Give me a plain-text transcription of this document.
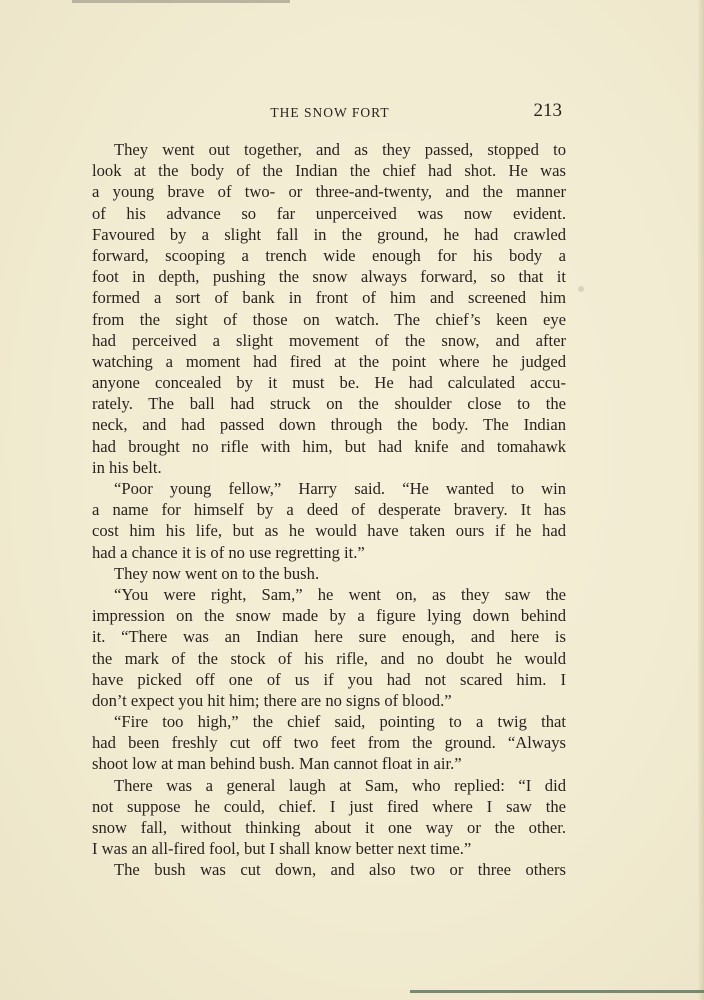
THE SNOW FORT	213
They went out together, and as they passed, stopped to
look at the body of the Indian the chief had shot. He was
a young brave of two- or three-and-twenty, and the manner
of his advance so far unperceived was now evident.
Favoured by a slight fall in the ground, he had crawled
forward, scooping a trench wide enough for his body a
foot in depth, pushing the snow always forward, so that it
formed a sort of bank in front of him and screened him
from the sight of those on watch. The chief’s keen eye
had perceived a slight movement of the snow, and after
watching a moment had fired at the point where he judged
anyone concealed by it must be. He had calculated accu-
rately. The ball had struck on the shoulder close to the
neck, and had passed down through the body. The Indian
had brought no rifle with him, but had knife and tomahawk
in his belt.
“Poor young fellow,” Harry said. “He wanted to win
a name for himself by a deed of desperate bravery. It has
cost him his life, but as he would have taken ours if he had
had a chance it is of no use regretting it.”
They now went on to the bush.
“You were right, Sam,” he went on, as they saw the
impression on the snow made by a figure lying down behind
it. “There was an Indian here sure enough, and here is
the mark of the stock of his rifle, and no doubt he would
have picked off one of us if you had not scared him. I
don’t expect you hit him; there are no signs of blood.”
“Fire too high,” the chief said, pointing to a twig that
had been freshly cut off two feet from the ground. “Always
shoot low at man behind bush. Man cannot float in air.”
There was a general laugh at Sam, who replied: “I did
not suppose he could, chief. I just fired where I saw the
snow fall, without thinking about it one way or the other.
I was an all-fired fool, but I shall know better next time.”
The bush was cut down, and also two or three others
